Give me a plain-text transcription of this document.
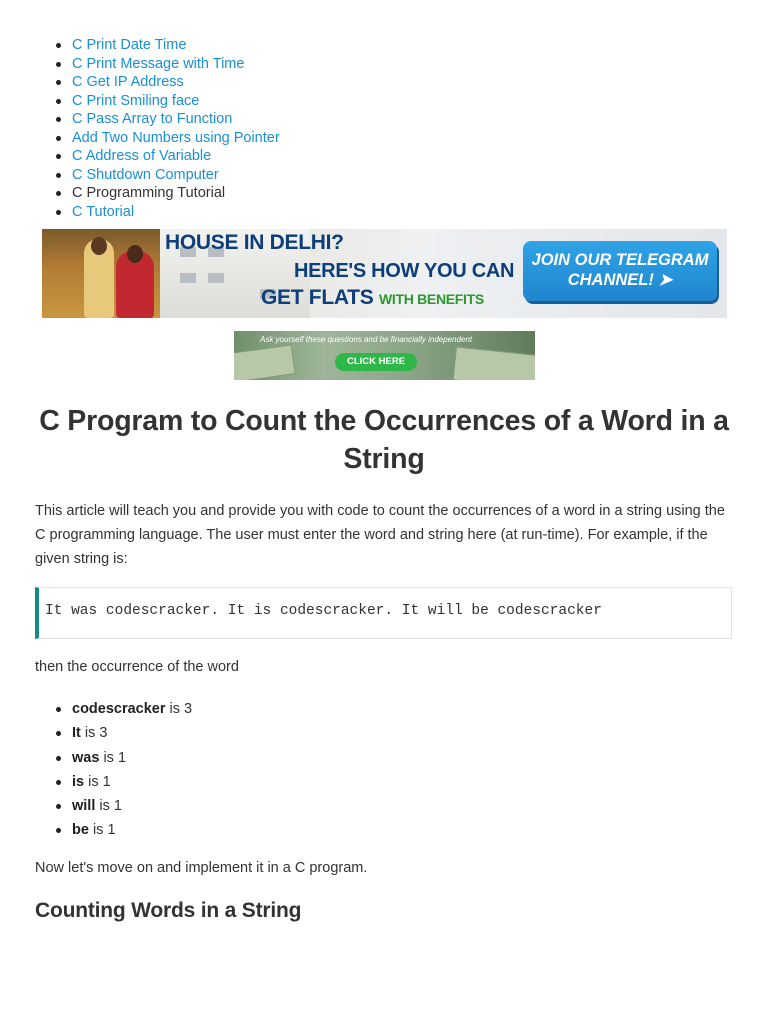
C Print Date Time
C Print Message with Time
C Get IP Address
C Print Smiling face
C Pass Array to Function
Add Two Numbers using Pointer
C Address of Variable
C Shutdown Computer
C Programming Tutorial
C Tutorial
HOUSE IN DELHI?
HERE'S HOW YOU CAN
GET FLATS WITH BENEFITS
JOIN OUR TELEGRAM
CHANNEL! ➤
Ask yourself these questions and be financially independent
CLICK HERE
C Program to Count the Occurrences of a Word in a String

This article will teach you and provide you with code to count the occurrences of a word in a string using the C programming language. The user must enter the word and string here (at run-time). For example, if the given string is:

It was codescracker. It is codescracker. It will be codescracker

then the occurrence of the word

codescracker is 3
It is 3
was is 1
is is 1
will is 1
be is 1

Now let's move on and implement it in a C program.

Counting Words in a String
